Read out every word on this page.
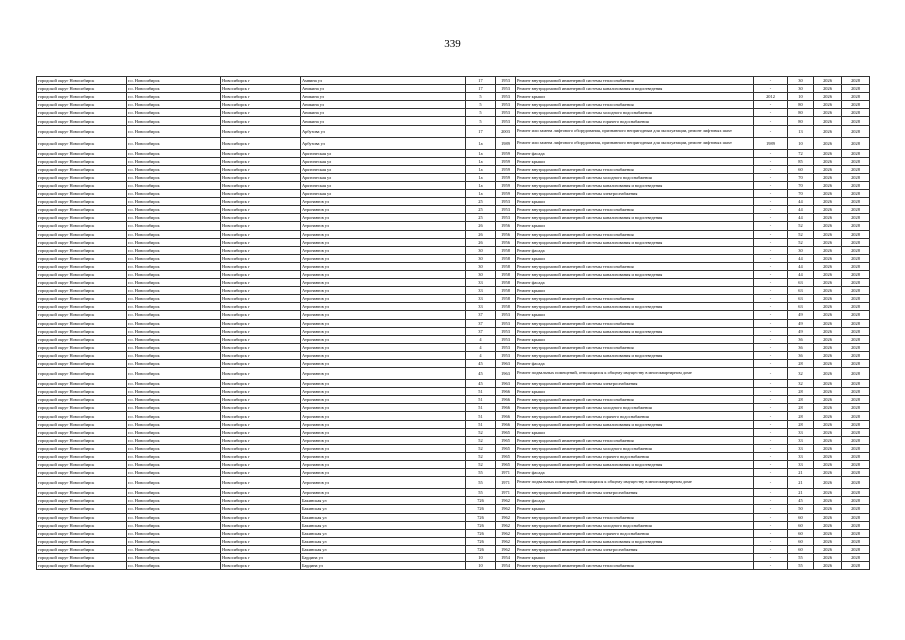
339
городской округ Новосибирск	г.о. Новосибирск	Новосибирск г	Амвина ул	17	1953	Ремонт внутридомовой инженерной системы теплоснабжения	-	30	2026	2028
городской округ Новосибирск	г.о. Новосибирск	Новосибирск г	Аникина ул	17	1953	Ремонт внутридомовой инженерной системы канализования и водоотведения	-	30	2026	2028
городской округ Новосибирск	г.о. Новосибирск	Новосибирск г	Аникина ул	5	1953	Ремонт крыши	2012	10	2026	2028
городской округ Новосибирск	г.о. Новосибирск	Новосибирск г	Аникина ул	5	1953	Ремонт внутридомовой инженерной системы теплоснабжения	-	80	2026	2028
городской округ Новосибирск	г.о. Новосибирск	Новосибирск г	Аникина ул	5	1953	Ремонт внутридомовой инженерной системы холодного водоснабжения	-	80	2026	2028
городской округ Новосибирск	г.о. Новосибирск	Новосибирск г	Аникина ул	5	1953	Ремонт внутридомовой инженерной системы горячего водоснабжения	-	80	2026	2028
городской округ Новосибирск	г.о. Новосибирск	Новосибирск г	Арбузова ул	17	2003	Ремонт или замена лифтового оборудования, признанного непригодным для эксплуатации, ремонт лифтовых шахт	-	13	2026	2028
городской округ Новосибирск	г.о. Новосибирск	Новосибирск г	Арбузова ул	1а	1989	Ремонт или замена лифтового оборудования, признанного непригодным для эксплуатации, ремонт лифтовых шахт	1989	10	2026	2028
городской округ Новосибирск	г.о. Новосибирск	Новосибирск г	Арктическая ул	1а	1959	Ремонт фасада	-	72	2026	2028
городской округ Новосибирск	г.о. Новосибирск	Новосибирск г	Арктическая ул	1а	1959	Ремонт крыши	-	85	2026	2028
городской округ Новосибирск	г.о. Новосибирск	Новосибирск г	Арктическая ул	1а	1959	Ремонт внутридомовой инженерной системы теплоснабжения	-	60	2026	2028
городской округ Новосибирск	г.о. Новосибирск	Новосибирск г	Арктическая ул	1а	1959	Ремонт внутридомовой инженерной системы холодного водоснабжения	-	70	2026	2028
городской округ Новосибирск	г.о. Новосибирск	Новосибирск г	Арктическая ул	1а	1959	Ремонт внутридомовой инженерной системы канализования и водоотведения	-	70	2026	2028
городской округ Новосибирск	г.о. Новосибирск	Новосибирск г	Арктическая ул	1а	1959	Ремонт внутридомовой инженерной системы электроснабжения	-	70	2026	2028
городской округ Новосибирск	г.о. Новосибирск	Новосибирск г	Атронавтов ул	25	1953	Ремонт крыши	-	44	2026	2028
городской округ Новосибирск	г.о. Новосибирск	Новосибирск г	Атронавтов ул	25	1953	Ремонт внутридомовой инженерной системы теплоснабжения	-	44	2026	2028
городской округ Новосибирск	г.о. Новосибирск	Новосибирск г	Атронавтов ул	25	1953	Ремонт внутридомовой инженерной системы канализования и водоотведения	-	44	2026	2028
городской округ Новосибирск	г.о. Новосибирск	Новосибирск г	Атронавтов ул	26	1956	Ремонт крыши	-	52	2026	2028
городской округ Новосибирск	г.о. Новосибирск	Новосибирск г	Атронавтов ул	26	1956	Ремонт внутридомовой инженерной системы теплоснабжения	-	52	2026	2028
городской округ Новосибирск	г.о. Новосибирск	Новосибирск г	Атронавтов ул	26	1956	Ремонт внутридомовой инженерной системы канализования и водоотведения	-	52	2026	2028
городской округ Новосибирск	г.о. Новосибирск	Новосибирск г	Атронавтов ул	30	1958	Ремонт фасада	-	30	2026	2028
городской округ Новосибирск	г.о. Новосибирск	Новосибирск г	Атронавтов ул	30	1958	Ремонт крыши	-	44	2026	2028
городской округ Новосибирск	г.о. Новосибирск	Новосибирск г	Атронавтов ул	30	1958	Ремонт внутридомовой инженерной системы теплоснабжения	-	44	2026	2028
городской округ Новосибирск	г.о. Новосибирск	Новосибирск г	Атронавтов ул	30	1958	Ремонт внутридомовой инженерной системы канализования и водоотведения	-	44	2026	2028
городской округ Новосибирск	г.о. Новосибирск	Новосибирск г	Атронавтов ул	33	1958	Ремонт фасада	-	63	2026	2028
городской округ Новосибирск	г.о. Новосибирск	Новосибирск г	Атронавтов ул	33	1958	Ремонт крыши	-	63	2026	2028
городской округ Новосибирск	г.о. Новосибирск	Новосибирск г	Атронавтов ул	33	1958	Ремонт внутридомовой инженерной системы теплоснабжения	-	63	2026	2028
городской округ Новосибирск	г.о. Новосибирск	Новосибирск г	Атронавтов ул	33	1958	Ремонт внутридомовой инженерной системы канализования и водоотведения	-	63	2026	2028
городской округ Новосибирск	г.о. Новосибирск	Новосибирск г	Атронавтов ул	37	1953	Ремонт крыши	-	49	2026	2028
городской округ Новосибирск	г.о. Новосибирск	Новосибирск г	Атронавтов ул	37	1953	Ремонт внутридомовой инженерной системы теплоснабжения	-	49	2026	2028
городской округ Новосибирск	г.о. Новосибирск	Новосибирск г	Атронавтов ул	37	1953	Ремонт внутридомовой инженерной системы канализования и водоотведения	-	49	2026	2028
городской округ Новосибирск	г.о. Новосибирск	Новосибирск г	Атронавтов ул	4	1953	Ремонт крыши	-	36	2026	2028
городской округ Новосибирск	г.о. Новосибирск	Новосибирск г	Атронавтов ул	4	1953	Ремонт внутридомовой инженерной системы теплоснабжения	-	36	2026	2028
городской округ Новосибирск	г.о. Новосибирск	Новосибирск г	Атронавтов ул	4	1953	Ремонт внутридомовой инженерной системы канализования и водоотведения	-	36	2026	2028
городской округ Новосибирск	г.о. Новосибирск	Новосибирск г	Атронавтов ул	45	1963	Ремонт фасада	-	28	2026	2028
городской округ Новосибирск	г.о. Новосибирск	Новосибирск г	Атронавтов ул	45	1963	Ремонт подвальных помещений, относящихся к общему имуществу в многоквартирном доме	-	32	2026	2028
городской округ Новосибирск	г.о. Новосибирск	Новосибирск г	Атронавтов ул	45	1963	Ремонт внутридомовой инженерной системы электроснабжения	-	32	2026	2028
городской округ Новосибирск	г.о. Новосибирск	Новосибирск г	Атронавтов ул	51	1966	Ремонт крыши	-	28	2026	2028
городской округ Новосибирск	г.о. Новосибирск	Новосибирск г	Атронавтов ул	51	1966	Ремонт внутридомовой инженерной системы теплоснабжения	-	28	2026	2028
городской округ Новосибирск	г.о. Новосибирск	Новосибирск г	Атронавтов ул	51	1966	Ремонт внутридомовой инженерной системы холодного водоснабжения	-	28	2026	2028
городской округ Новосибирск	г.о. Новосибирск	Новосибирск г	Атронавтов ул	51	1966	Ремонт внутридомовой инженерной системы горячего водоснабжения	-	28	2026	2028
городской округ Новосибирск	г.о. Новосибирск	Новосибирск г	Атронавтов ул	51	1966	Ремонт внутридомовой инженерной системы канализования и водоотведения	-	28	2026	2028
городской округ Новосибирск	г.о. Новосибирск	Новосибирск г	Атронавтов ул	52	1965	Ремонт крыши	-	33	2026	2028
городской округ Новосибирск	г.о. Новосибирск	Новосибирск г	Атронавтов ул	52	1965	Ремонт внутридомовой инженерной системы теплоснабжения	-	33	2026	2028
городской округ Новосибирск	г.о. Новосибирск	Новосибирск г	Атронавтов ул	52	1965	Ремонт внутридомовой инженерной системы холодного водоснабжения	-	33	2026	2028
городской округ Новосибирск	г.о. Новосибирск	Новосибирск г	Атронавтов ул	52	1965	Ремонт внутридомовой инженерной системы горячего водоснабжения	-	33	2026	2028
городской округ Новосибирск	г.о. Новосибирск	Новосибирск г	Атронавтов ул	52	1965	Ремонт внутридомовой инженерной системы канализования и водоотведения	-	33	2026	2028
городской округ Новосибирск	г.о. Новосибирск	Новосибирск г	Атронавтов ул	55	1971	Ремонт фасада	-	21	2026	2028
городской округ Новосибирск	г.о. Новосибирск	Новосибирск г	Атронавтов ул	55	1971	Ремонт подвальных помещений, относящихся к общему имуществу в многоквартирном доме	-	21	2026	2028
городской округ Новосибирск	г.о. Новосибирск	Новосибирск г	Атронавтов ул	55	1971	Ремонт внутридомовой инженерной системы электроснабжения	-	21	2026	2028
городской округ Новосибирск	г.о. Новосибирск	Новосибирск г	Бакинская ул	726	1962	Ремонт фасада	-	45	2026	2028
городской округ Новосибирск	г.о. Новосибирск	Новосибирск г	Бакинская ул	726	1962	Ремонт крыши	-	50	2026	2028
городской округ Новосибирск	г.о. Новосибирск	Новосибирск г	Бакинская ул	726	1962	Ремонт внутридомовой инженерной системы теплоснабжения	-	60	2026	2028
городской округ Новосибирск	г.о. Новосибирск	Новосибирск г	Бакинская ул	726	1962	Ремонт внутридомовой инженерной системы холодного водоснабжения	-	60	2026	2028
городской округ Новосибирск	г.о. Новосибирск	Новосибирск г	Бакинская ул	726	1962	Ремонт внутридомовой инженерной системы горячего водоснабжения	-	60	2026	2028
городской округ Новосибирск	г.о. Новосибирск	Новосибирск г	Бакинская ул	726	1962	Ремонт внутридомовой инженерной системы канализования и водоотведения	-	60	2026	2028
городской округ Новосибирск	г.о. Новосибирск	Новосибирск г	Бакинская ул	726	1962	Ремонт внутридомовой инженерной системы электроснабжения	-	60	2026	2028
городской округ Новосибирск	г.о. Новосибирск	Новосибирск г	Бардина ул	10	1954	Ремонт крыши	-	55	2026	2028
городской округ Новосибирск	г.о. Новосибирск	Новосибирск г	Бардина ул	10	1954	Ремонт внутридомовой инженерной системы теплоснабжения	-	55	2026	2028
